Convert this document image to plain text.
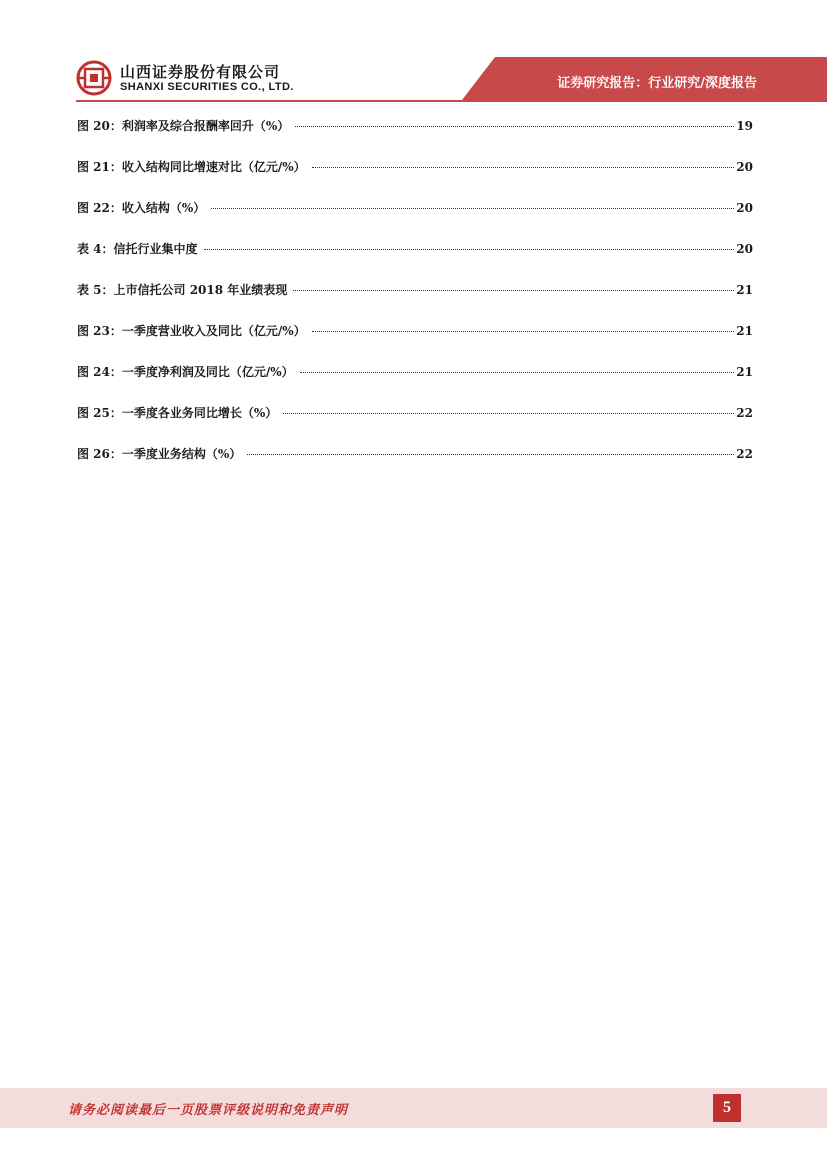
山西证券股份有限公司
SHANXI SECURITIES CO., LTD.	证券研究报告：行业研究/深度报告
图 20：利润率及综合报酬率回升（%）	19
图 21：收入结构同比增速对比（亿元/%）	20
图 22：收入结构（%）	20
表 4：信托行业集中度	20
表 5：上市信托公司 2018 年业绩表现	21
图 23：一季度营业收入及同比（亿元/%）	21
图 24：一季度净利润及同比（亿元/%）	21
图 25：一季度各业务同比增长（%）	22
图 26：一季度业务结构（%）	22
请务必阅读最后一页股票评级说明和免责声明	5
